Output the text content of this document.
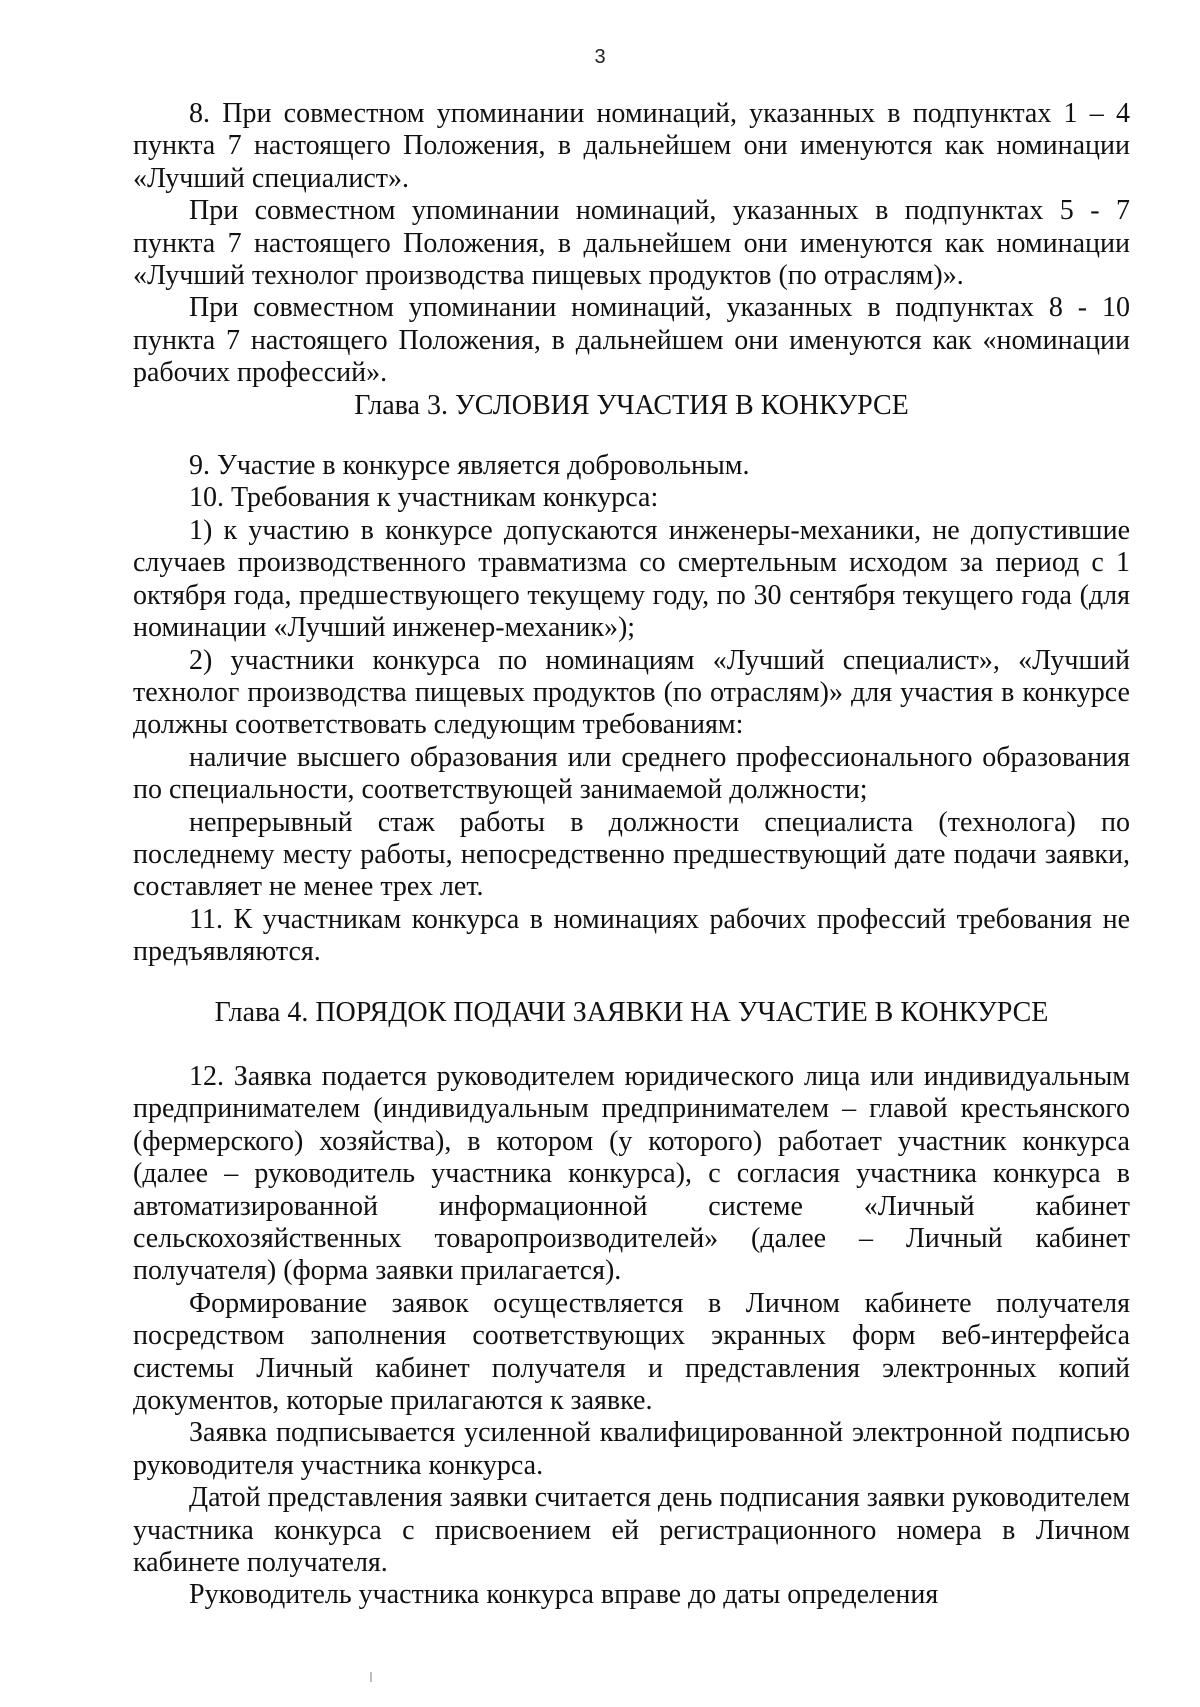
3

8. При совместном упоминании номинаций, указанных в подпунктах 1 – 4 пункта 7 настоящего Положения, в дальнейшем они именуются как номинации «Лучший специалист».

При совместном упоминании номинаций, указанных в подпунктах 5 - 7 пункта 7 настоящего Положения, в дальнейшем они именуются как номинации «Лучший технолог производства пищевых продуктов (по отраслям)».

При совместном упоминании номинаций, указанных в подпунктах 8 - 10 пункта 7 настоящего Положения, в дальнейшем они именуются как «номинации рабочих профессий».

Глава 3. УСЛОВИЯ УЧАСТИЯ В КОНКУРСЕ

9. Участие в конкурсе является добровольным.

10. Требования к участникам конкурса:

1) к участию в конкурсе допускаются инженеры-механики, не допустившие случаев производственного травматизма со смертельным исходом за период с 1 октября года, предшествующего текущему году, по 30 сентября текущего года (для номинации «Лучший инженер-механик»);

2) участники конкурса по номинациям «Лучший специалист», «Лучший технолог производства пищевых продуктов (по отраслям)» для участия в конкурсе должны соответствовать следующим требованиям:

наличие высшего образования или среднего профессионального образования по специальности, соответствующей занимаемой должности;

непрерывный стаж работы в должности специалиста (технолога) по последнему месту работы, непосредственно предшествующий дате подачи заявки, составляет не менее трех лет.

11. К участникам конкурса в номинациях рабочих профессий требования не предъявляются.

Глава 4. ПОРЯДОК ПОДАЧИ ЗАЯВКИ НА УЧАСТИЕ В КОНКУРСЕ

12. Заявка подается руководителем юридического лица или индивидуальным предпринимателем (индивидуальным предпринимателем – главой крестьянского (фермерского) хозяйства), в котором (у которого) работает участник конкурса (далее – руководитель участника конкурса), с согласия участника конкурса в автоматизированной информационной системе «Личный кабинет сельскохозяйственных товаропроизводителей» (далее – Личный кабинет получателя) (форма заявки прилагается).

Формирование заявок осуществляется в Личном кабинете получателя посредством заполнения соответствующих экранных форм веб-интерфейса системы Личный кабинет получателя и представления электронных копий документов, которые прилагаются к заявке.

Заявка подписывается усиленной квалифицированной электронной подписью руководителя участника конкурса.

Датой представления заявки считается день подписания заявки руководителем участника конкурса с присвоением ей регистрационного номера в Личном кабинете получателя.

Руководитель участника конкурса вправе до даты определения
